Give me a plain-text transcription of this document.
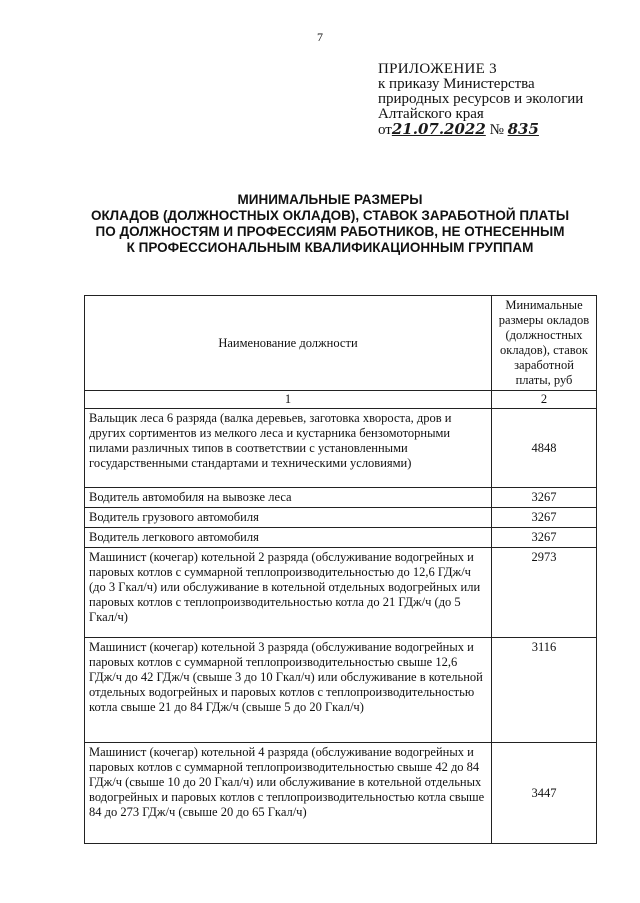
7
ПРИЛОЖЕНИЕ 3
к приказу Министерства
природных ресурсов и экологии
Алтайского края
от21.07.2022 № 835
МИНИМАЛЬНЫЕ РАЗМЕРЫ
ОКЛАДОВ (ДОЛЖНОСТНЫХ ОКЛАДОВ), СТАВОК ЗАРАБОТНОЙ ПЛАТЫ
ПО ДОЛЖНОСТЯМ И ПРОФЕССИЯМ РАБОТНИКОВ, НЕ ОТНЕСЕННЫМ
К ПРОФЕССИОНАЛЬНЫМ КВАЛИФИКАЦИОННЫМ ГРУППАМ
Наименование должности	Минимальные размеры окладов (должностных окладов), ставок заработной платы, руб
1	2
Вальщик леса 6 разряда (валка деревьев, заготовка хвороста, дров и других сортиментов из мелкого леса и кустарника бензомоторными пилами различных типов в соответствии с установленными государственными стандартами и техническими условиями)	4848
Водитель автомобиля на вывозке леса	3267
Водитель грузового автомобиля	3267
Водитель легкового автомобиля	3267
Машинист (кочегар) котельной 2 разряда (обслуживание водогрейных и паровых котлов с суммарной теплопроизводительностью до 12,6 ГДж/ч (до 3 Гкал/ч) или обслуживание в котельной отдельных водогрейных или паровых котлов с теплопроизводительностью котла до 21 ГДж/ч (до 5 Гкал/ч)	2973
Машинист (кочегар) котельной 3 разряда (обслуживание водогрейных и паровых котлов с суммарной теплопроизводительностью свыше 12,6 ГДж/ч до 42 ГДж/ч (свыше 3 до 10 Гкал/ч) или обслуживание в котельной отдельных водогрейных и паровых котлов с теплопроизводительностью котла свыше 21 до 84 ГДж/ч (свыше 5 до 20 Гкал/ч)	3116
Машинист (кочегар) котельной 4 разряда (обслуживание водогрейных и паровых котлов с суммарной теплопроизводительностью свыше 42 до 84 ГДж/ч (свыше 10 до 20 Гкал/ч) или обслуживание в котельной отдельных водогрейных и паровых котлов с теплопроизводительностью котла свыше 84 до 273 ГДж/ч (свыше 20 до 65 Гкал/ч)	3447
